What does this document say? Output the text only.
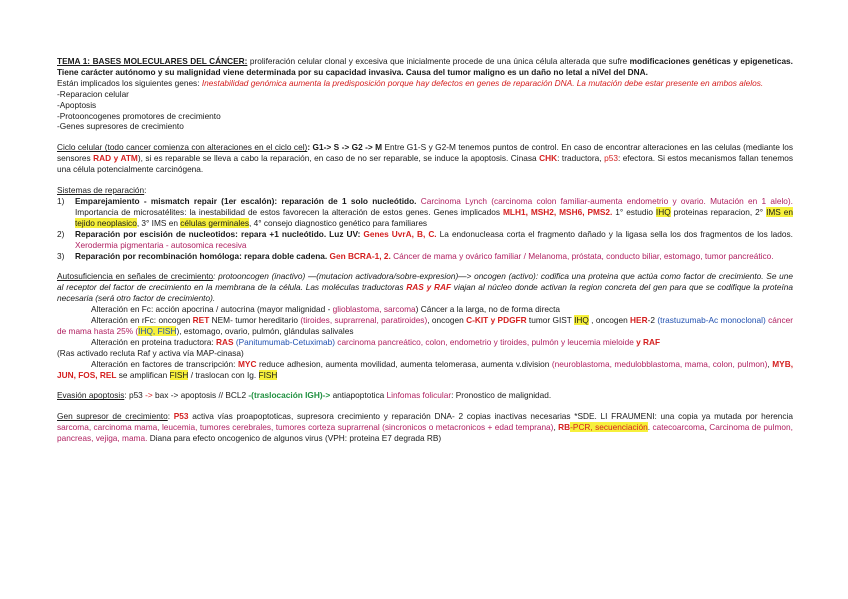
TEMA 1: BASES MOLECULARES DEL CÁNCER: proliferación celular clonal y excesiva que inicialmente procede de una única célula alterada que sufre modificaciones genéticas y epigeneticas. Tiene carácter autónomo y su malignidad viene determinada por su capacidad invasiva. Causa del tumor maligno es un daño no letal a niVel del DNA.

Están implicados los siguientes genes: Inestabilidad genómica aumenta la predisposición porque hay defectos en genes de reparación DNA. La mutación debe estar presente en ambos alelos.

-Reparacion celular

-Apoptosis

-Protooncogenes promotores de crecimiento

-Genes supresores de crecimiento

Ciclo celular (todo cancer comienza con alteraciones en el ciclo cel): G1-> S -> G2 -> M Entre G1-S y G2-M tenemos puntos de control. En caso de encontrar alteraciones en las celulas (mediante los sensores RAD y ATM), si es reparable se lleva a cabo la reparación, en caso de no ser reparable, se induce la apoptosis. Cinasa CHK: traductora, p53: efectora. Si estos mecanismos fallan tenemos una célula potencialmente carcinógena.

Sistemas de reparación:

1) Emparejamiento - mismatch repair (1er escalón): reparación de 1 solo nucleótido. Carcinoma Lynch (carcinoma colon familiar-aumenta endometrio y ovario. Mutación en 1 alelo). Importancia de microsatélites: la inestabilidad de estos favorecen la alteración de estos genes. Genes implicados MLH1, MSH2, MSH6, PMS2. 1° estudio IHQ proteinas reparacion, 2° IMS en tejido neoplasico, 3° IMS en células germinales, 4° consejo diagnostico genético para familiares

2) Reparación por escisión de nucleotidos: repara +1 nucleótido. Luz UV: Genes UvrA, B, C. La endonucleasa corta el fragmento dañado y la ligasa sella los dos fragmentos de los lados. Xerodermia pigmentaria - autosomica recesiva

3) Reparación por recombinación homóloga: repara doble cadena. Gen BCRA-1, 2. Cáncer de mama y ovárico familiar / Melanoma, próstata, conducto biliar, estomago, tumor pancreático.

Autosuficiencia en señales de crecimiento: protooncogen (inactivo) —(mutacion activadora/sobre-expresion)—> oncogen (activo): codifica una proteina que actúa como factor de crecimiento. Se une al receptor del factor de crecimiento en la membrana de la célula. Las moléculas traductoras RAS y RAF viajan al núcleo donde activan la region concreta del gen para que se codifique la proteína necesaria (será otro factor de crecimiento).

Alteración en Fc: acción apocrina / autocrina (mayor malignidad - glioblastoma, sarcoma) Cáncer a la larga, no de forma directa

Alteración en rFc: oncogen RET NEM- tumor hereditario (tiroides, suprarrenal, paratiroides), oncogen C-KIT y PDGFR tumor GIST IHQ , oncogen HER-2 (trastuzumab-Ac monoclonal) cáncer de mama hasta 25% (IHQ, FISH), estomago, ovario, pulmón, glándulas salivales

Alteración en proteina traductora: RAS (Panitumumab-Cetuximab) carcinoma pancreático, colon, endometrio y tiroides, pulmón y leucemia mieloide y RAF

(Ras activado recluta Raf y activa vía MAP-cinasa)

Alteración en factores de transcripción: MYC reduce adhesion, aumenta movilidad, aumenta telomerasa, aumenta v.division (neuroblastoma, medulobblastoma, mama, colon, pulmon), MYB, JUN, FOS, REL se amplifican FISH / traslocan con Ig. FISH

Evasión apoptosis: p53 -> bax -> apoptosis // BCL2 -(traslocación IGH)-> antiapoptotica Linfomas folicular: Pronostico de malignidad.

Gen supresor de crecimiento: P53 activa vías proapoptoticas, supresora crecimiento y reparación DNA- 2 copias inactivas necesarias *SDE. LI FRAUMENI: una copia ya mutada por herencia sarcoma, carcinoma mama, leucemia, tumores cerebrales, tumores corteza suprarrenal (sincronicos o metacronicos + edad temprana), RB-PCR, secuenciación. catecoarcoma, Carcinoma de pulmon, pancreas, vejiga, mama. Diana para efecto oncogenico de algunos virus (VPH: proteina E7 degrada RB)
